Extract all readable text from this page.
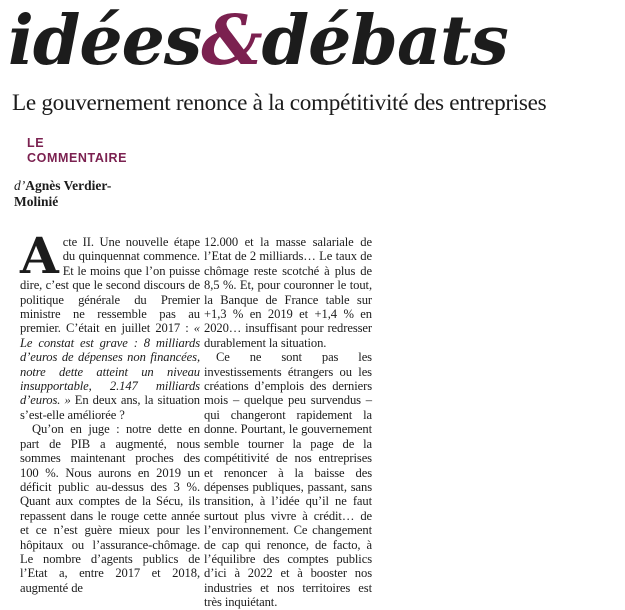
idées&débats
Le gouvernement renonce à la compétitivité des entreprises
LE
COMMENTAIRE
d’Agnès Verdier-
Molinié

Acte II. Une nouvelle étape du quinquennat commence. Et le moins que l’on puisse dire, c’est que le second discours de politique générale du Premier ministre ne ressemble pas au premier. C’était en juillet 2017 : « Le constat est grave : 8 milliards d’euros de dépenses non financées, notre dette atteint un niveau insupportable, 2.147 milliards d’euros. » En deux ans, la situation s’est-elle améliorée ?

Qu’on en juge : notre dette en part de PIB a augmenté, nous sommes maintenant proches des 100 %. Nous aurons en 2019 un déficit public au-dessus des 3 %. Quant aux comptes de la Sécu, ils repassent dans le rouge cette année et ce n’est guère mieux pour les hôpitaux ou l’assurance-chômage. Le nombre d’agents publics de l’Etat a, entre 2017 et 2018, augmenté de

12.000 et la masse salariale de l’Etat de 2 milliards… Le taux de chômage reste scotché à plus de 8,5 %. Et, pour couronner le tout, la Banque de France table sur +1,3 % en 2019 et +1,4 % en 2020… insuffisant pour redresser durablement la situation.

Ce ne sont pas les investissements étrangers ou les créations d’emplois des derniers mois – quelque peu survendus – qui changeront rapidement la donne. Pourtant, le gouvernement semble tourner la page de la compétitivité de nos entreprises et renoncer à la baisse des dépenses publiques, passant, sans transition, à l’idée qu’il ne faut surtout plus vivre à crédit… de l’environnement. Ce changement de cap qui renonce, de facto, à l’équilibre des comptes publics d’ici à 2022 et à booster nos industries et nos territoires est très inquiétant.
